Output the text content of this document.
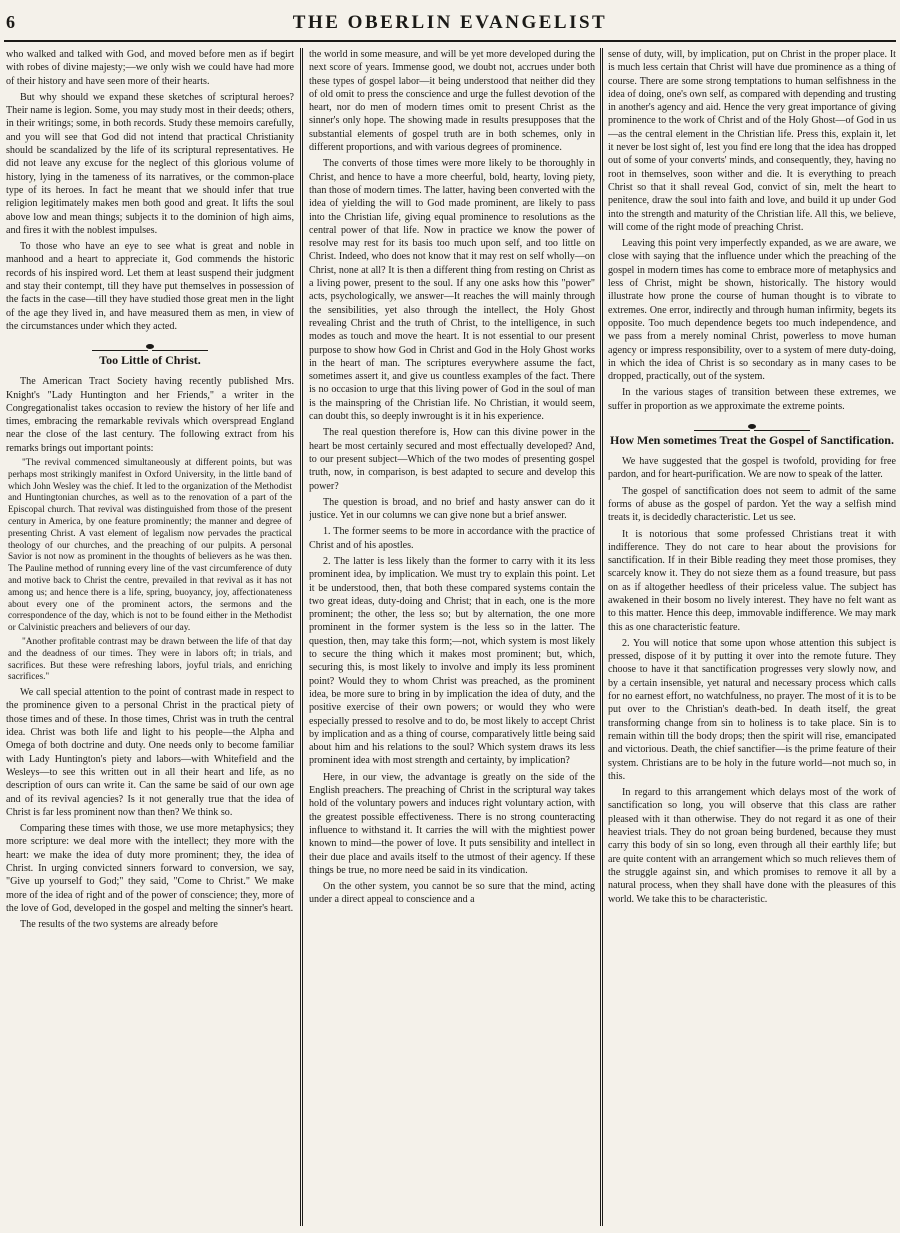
6	THE OBERLIN EVANGELIST

who walked and talked with God, and moved before men as if begirt with robes of divine majesty;—we only wish we could have had more of their history and have seen more of their hearts.

But why should we expand these sketches of scriptural heroes? Their name is legion. Some, you may study most in their deeds; others, in their writings; some, in both records. Study these memoirs carefully, and you will see that God did not intend that practical Christianity should be scandalized by the life of its scriptural representatives. He did not leave any excuse for the neglect of this glorious volume of history, lying in the tameness of its narratives, or the common-place type of its heroes. In fact he meant that we should infer that true religion legitimately makes men both good and great. It lifts the soul above low and mean things; subjects it to the dominion of high aims, and fires it with the noblest impulses.

To those who have an eye to see what is great and noble in manhood and a heart to appreciate it, God commends the historic records of his inspired word. Let them at least suspend their judgment and stay their contempt, till they have put themselves in possession of the facts in the case—till they have studied those great men in the light of the age they lived in, and have measured them as men, in view of the circumstances under which they acted.

Too Little of Christ.

The American Tract Society having recently published Mrs. Knight's "Lady Huntington and her Friends," a writer in the Congregationalist takes occasion to review the history of her life and times, embracing the remarkable revivals which overspread England near the close of the last century. The following extract from his remarks brings out important points:

"The revival commenced simultaneously at different points, but was perhaps most strikingly manifest in Oxford University, in the little band of which John Wesley was the chief. It led to the organization of the Methodist and Huntingtonian churches, as well as to the renovation of a part of the Episcopal church. That revival was distinguished from those of the present century in America, by one feature prominently; the manner and degree of presenting Christ. A vast element of legalism now pervades the practical theology of our churches, and the preaching of our pulpits. A personal Savior is not now as prominent in the thoughts of believers as he was then. The Pauline method of running every line of the vast circumference of duty and motive back to Christ the centre, prevailed in that revival as it has not among us; and hence there is a life, spring, buoyancy, joy, affectionateness about every one of the prominent actors, the sermons and the correspondence of the day, which is not to be found either in the Methodist or Calvinistic preachers and believers of our day.

"Another profitable contrast may be drawn between the life of that day and the deadness of our times. They were in labors oft; in trials, and sacrifices. But these were refreshing labors, joyful trials, and enriching sacrifices."

We call special attention to the point of contrast made in respect to the prominence given to a personal Christ in the practical piety of those times and of these. In those times, Christ was in truth the central idea. Christ was both life and light to his people—the Alpha and Omega of both doctrine and duty. One needs only to become familiar with Lady Huntington's piety and labors—with Whitefield and the Wesleys—to see this written out in all their heart and life, as no description of ours can write it. Can the same be said of our own age and of its revival agencies? Is it not generally true that the idea of Christ is far less prominent now than then? We think so.

Comparing these times with those, we use more metaphysics; they more scripture: we deal more with the intellect; they more with the heart: we make the idea of duty more prominent; they, the idea of Christ. In urging convicted sinners forward to conversion, we say, "Give up yourself to God;" they said, "Come to Christ." We make more of the idea of right and of the power of conscience; they, more of the love of God, developed in the gospel and melting the sinner's heart.

The results of the two systems are already before

the world in some measure, and will be yet more developed during the next score of years. Immense good, we doubt not, accrues under both these types of gospel labor—it being understood that neither did they of old omit to press the conscience and urge the fullest devotion of the heart, nor do men of modern times omit to present Christ as the sinner's only hope. The showing made in results presupposes that the substantial elements of gospel truth are in both schemes, only in different proportions, and with various degrees of prominence.

The converts of those times were more likely to be thoroughly in Christ, and hence to have a more cheerful, bold, hearty, loving piety, than those of modern times. The latter, having been converted with the idea of yielding the will to God made prominent, are likely to pass into the Christian life, giving equal prominence to resolutions as the central power of that life. Now in practice we know the power of resolve may rest for its basis too much upon self, and too little on Christ. Indeed, who does not know that it may rest on self wholly—on Christ, none at all? It is then a different thing from resting on Christ as a living power, present to the soul. If any one asks how this "power" acts, psychologically, we answer—It reaches the will mainly through the sensibilities, yet also through the intellect, the Holy Ghost revealing Christ and the truth of Christ, to the intelligence, in such modes as touch and move the heart. It is not essential to our present purpose to show how God in Christ and God in the Holy Ghost works in the heart of man. The scriptures everywhere assume the fact, sometimes assert it, and give us countless examples of the fact. There is no occasion to urge that this living power of God in the soul of man is the mainspring of the Christian life. No Christian, it would seem, can doubt this, so deeply inwrought is it in his experience.

The real question therefore is, How can this divine power in the heart be most certainly secured and most effectually developed? And, to our present subject—Which of the two modes of presenting gospel truth, now, in comparison, is best adapted to secure and develop this power?

The question is broad, and no brief and hasty answer can do it justice. Yet in our columns we can give none but a brief answer.

1. The former seems to be more in accordance with the practice of Christ and of his apostles.

2. The latter is less likely than the former to carry with it its less prominent idea, by implication. We must try to explain this point. Let it be understood, then, that both these compared systems contain the two great ideas, duty-doing and Christ; that in each, one is the more prominent; the other, the less so; but by alternation, the one more prominent in the former system is the less so in the latter. The question, then, may take this form;—not, which system is most likely to secure the thing which it makes most prominent; but, which, securing this, is most likely to involve and imply its less prominent point? Would they to whom Christ was preached, as the prominent idea, be more sure to bring in by implication the idea of duty, and the positive exercise of their own powers; or would they who were especially pressed to resolve and to do, be most likely to accept Christ by implication and as a thing of course, comparatively little being said about him and his relations to the soul? Which system draws its less prominent idea with most strength and certainty, by implication?

Here, in our view, the advantage is greatly on the side of the English preachers. The preaching of Christ in the scriptural way takes hold of the voluntary powers and induces right voluntary action, with the greatest possible effectiveness. There is no strong counteracting influence to withstand it. It carries the will with the mightiest power known to mind—the power of love. It puts sensibility and intellect in their due place and avails itself to the utmost of their agency. If these things be true, no more need be said in its vindication.

On the other system, you cannot be so sure that the mind, acting under a direct appeal to conscience and a

sense of duty, will, by implication, put on Christ in the proper place. It is much less certain that Christ will have due prominence as a thing of course. There are some strong temptations to human selfishness in the idea of doing, one's own self, as compared with depending and trusting in another's agency and aid. Hence the very great importance of giving prominence to the work of Christ and of the Holy Ghost—of God in us—as the central element in the Christian life. Press this, explain it, let it never be lost sight of, lest you find ere long that the idea has dropped out of some of your converts' minds, and consequently, they, having no root in themselves, soon wither and die. It is everything to preach Christ so that it shall reveal God, convict of sin, melt the heart to penitence, draw the soul into faith and love, and build it up under God into the strength and maturity of the Christian life. All this, we believe, will come of the right mode of preaching Christ.

Leaving this point very imperfectly expanded, as we are aware, we close with saying that the influence under which the preaching of the gospel in modern times has come to embrace more of metaphysics and less of Christ, might be shown, historically. The history would illustrate how prone the course of human thought is to vibrate to extremes. One error, indirectly and through human infirmity, begets its opposite. Too much dependence begets too much independence, and we pass from a merely nominal Christ, powerless to move human agency or impress responsibility, over to a system of mere duty-doing, in which the idea of Christ is so secondary as in many cases to be dropped, practically, out of the system.

In the various stages of transition between these extremes, we suffer in proportion as we approximate the extreme points.

How Men sometimes Treat the Gospel of Sanctification.

We have suggested that the gospel is twofold, providing for free pardon, and for heart-purification. We are now to speak of the latter.

The gospel of sanctification does not seem to admit of the same forms of abuse as the gospel of pardon. Yet the way a selfish mind treats it, is decidedly characteristic. Let us see.

It is notorious that some professed Christians treat it with indifference. They do not care to hear about the provisions for sanctification. If in their Bible reading they meet those promises, they scarcely know it. They do not sieze them as a found treasure, but pass on as if altogether heedless of their priceless value. The subject has awakened in their bosom no lively interest. They have no felt want as to this matter. Hence this deep, immovable indifference. We may mark this as one characteristic feature.

2. You will notice that some upon whose attention this subject is pressed, dispose of it by putting it over into the remote future. They choose to have it that sanctification progresses very slowly now, and by a certain insensible, yet natural and necessary process which calls for no earnest effort, no watchfulness, no prayer. The most of it is to be put over to the Christian's death-bed. In death itself, the great transforming change from sin to holiness is to take place. Sin is to remain within till the body drops; then the spirit will rise, emancipated and victorious. Death, the chief sanctifier—is the prime feature of their system. Christians are to be holy in the future world—not much so, in this.

In regard to this arrangement which delays most of the work of sanctification so long, you will observe that this class are rather pleased with it than otherwise. They do not regard it as one of their heaviest trials. They do not groan being burdened, because they must carry this body of sin so long, even through all their earthly life; but are quite content with an arrangement which so much relieves them of the struggle against sin, and which promises to remove it all by a natural process, when they shall have done with the pleasures of this world. We take this to be characteristic.
